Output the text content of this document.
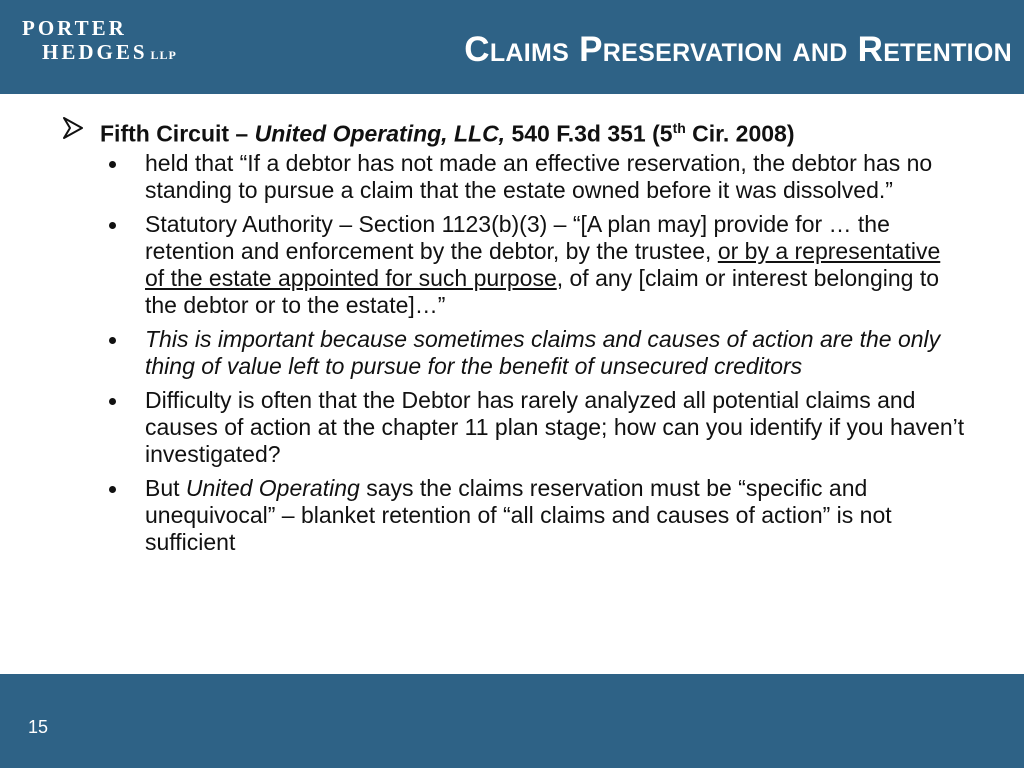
PORTER
HEDGES LLP	Claims Preservation and Retention
Fifth Circuit – United Operating, LLC, 540 F.3d 351 (5th Cir. 2008)
held that “If a debtor has not made an effective reservation, the debtor has no standing to pursue a claim that the estate owned before it was dissolved.”
Statutory Authority – Section 1123(b)(3) – “[A plan may] provide for … the retention and enforcement by the debtor, by the trustee, or by a representative of the estate appointed for such purpose, of any [claim or interest belonging to the debtor or to the estate]…”
This is important because sometimes claims and causes of action are the only thing of value left to pursue for the benefit of unsecured creditors
Difficulty is often that the Debtor has rarely analyzed all potential claims and causes of action at the chapter 11 plan stage; how can you identify if you haven’t investigated?
But United Operating says the claims reservation must be “specific and unequivocal” – blanket retention of “all claims and causes of action” is not sufficient
15
